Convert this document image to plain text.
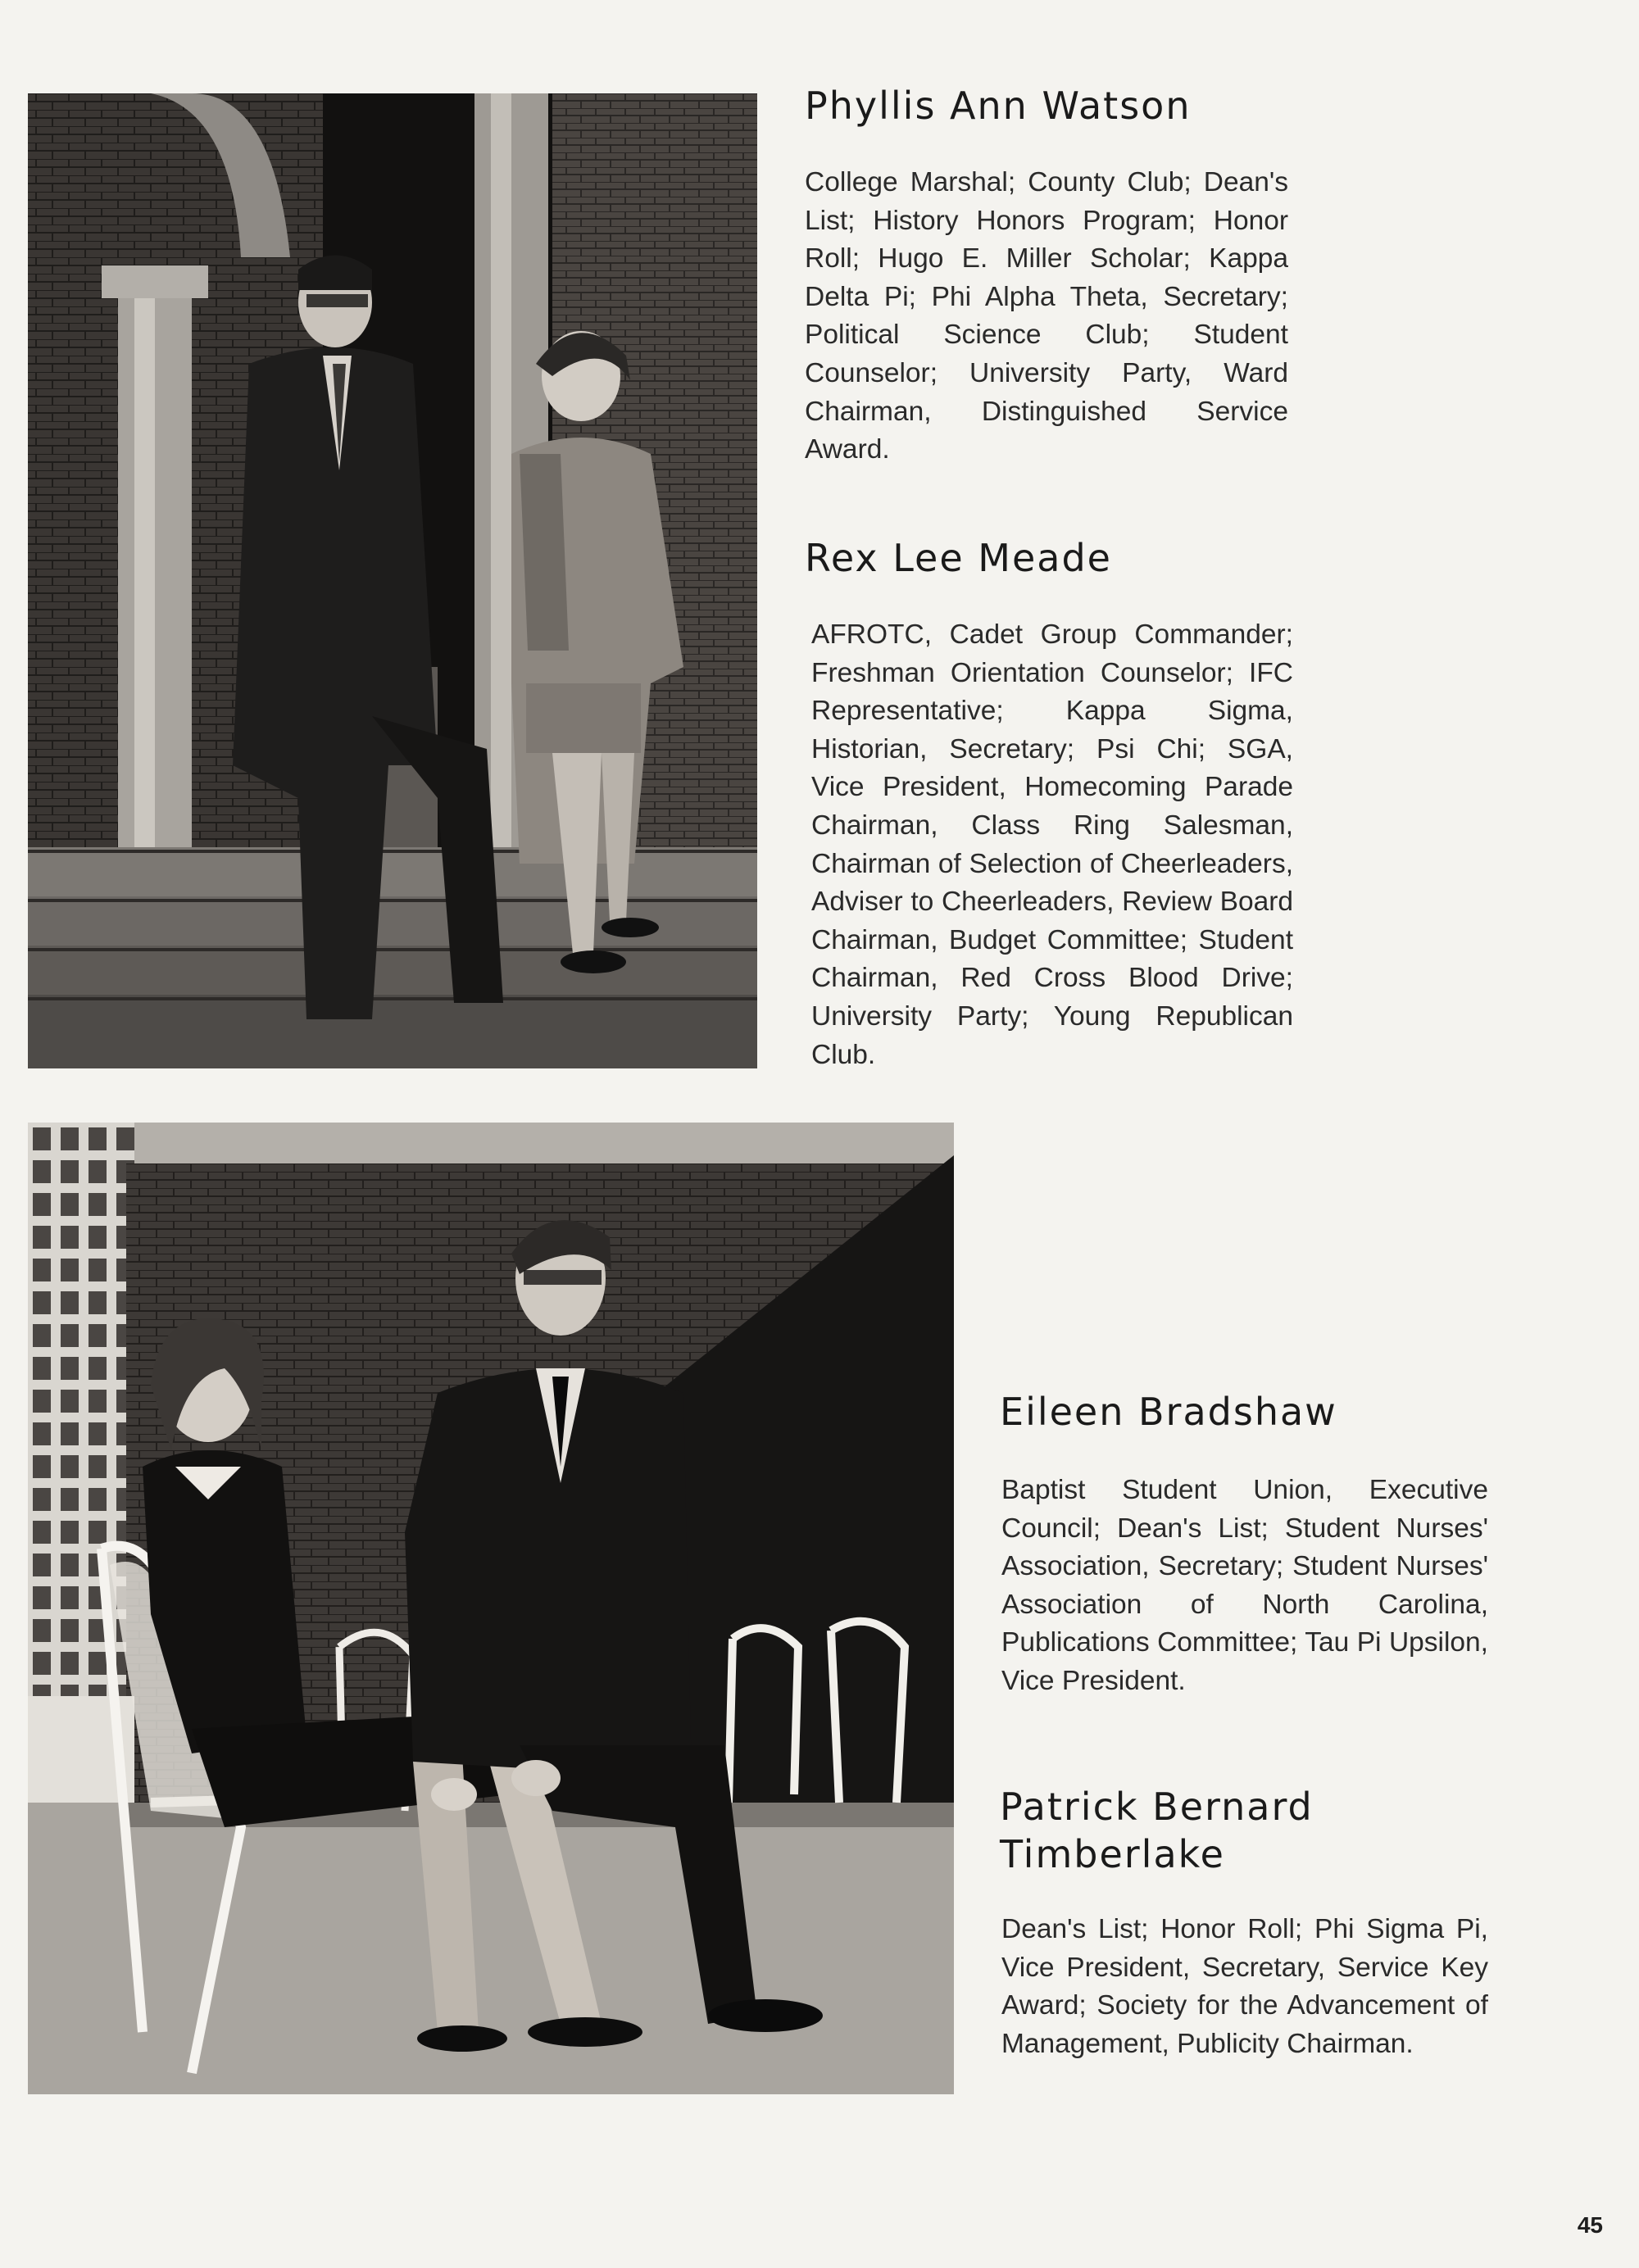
Phyllis Ann Watson

College Marshal; County Club; Dean's List; History Honors Program; Honor Roll; Hugo E. Miller Scholar; Kappa Delta Pi; Phi Alpha Theta, Secretary; Political Science Club; Student Counselor; University Party, Ward Chairman, Distinguished Service Award.

Rex Lee Meade

AFROTC, Cadet Group Commander; Freshman Orientation Counselor; IFC Representative; Kappa Sigma, Historian, Secretary; Psi Chi; SGA, Vice President, Homecoming Parade Chairman, Class Ring Salesman, Chairman of Selection of Cheerleaders, Adviser to Cheerleaders, Review Board Chairman, Budget Committee; Student Chairman, Red Cross Blood Drive; University Party; Young Republican Club.

Eileen Bradshaw

Baptist Student Union, Executive Council; Dean's List; Student Nurses' Association, Secretary; Student Nurses' Association of North Carolina, Publications Committee; Tau Pi Upsilon, Vice President.

Patrick Bernard Timberlake

Dean's List; Honor Roll; Phi Sigma Pi, Vice President, Secretary, Service Key Award; Society for the Advancement of Management, Publicity Chairman.

45
